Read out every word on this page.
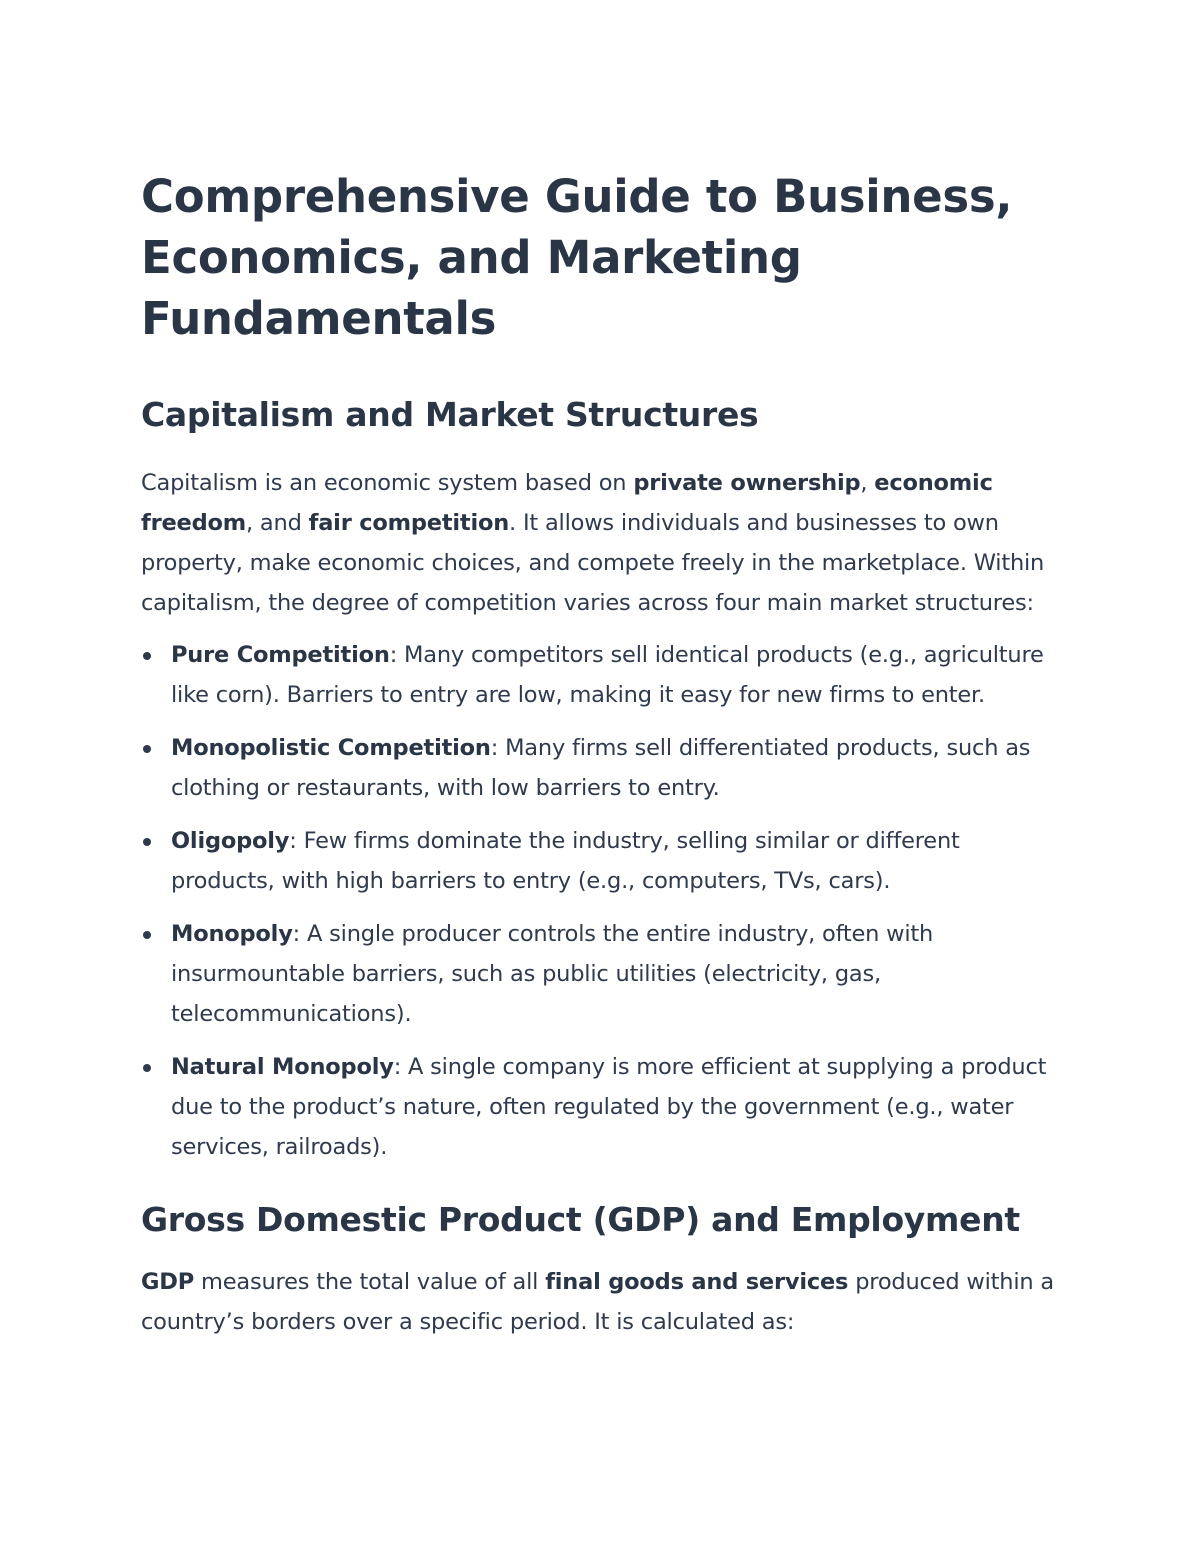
Comprehensive Guide to Business, Economics, and Marketing Fundamentals
Capitalism and Market Structures

Capitalism is an economic system based on private ownership, economic freedom, and fair competition. It allows individuals and businesses to own property, make economic choices, and compete freely in the marketplace. Within capitalism, the degree of competition varies across four main market structures:

Pure Competition: Many competitors sell identical products (e.g., agriculture like corn). Barriers to entry are low, making it easy for new firms to enter.
Monopolistic Competition: Many firms sell differentiated products, such as clothing or restaurants, with low barriers to entry.
Oligopoly: Few firms dominate the industry, selling similar or different products, with high barriers to entry (e.g., computers, TVs, cars).
Monopoly: A single producer controls the entire industry, often with insurmountable barriers, such as public utilities (electricity, gas, telecommunications).
Natural Monopoly: A single company is more efficient at supplying a product due to the product’s nature, often regulated by the government (e.g., water services, railroads).
Gross Domestic Product (GDP) and Employment

GDP measures the total value of all final goods and services produced within a country’s borders over a specific period. It is calculated as:
